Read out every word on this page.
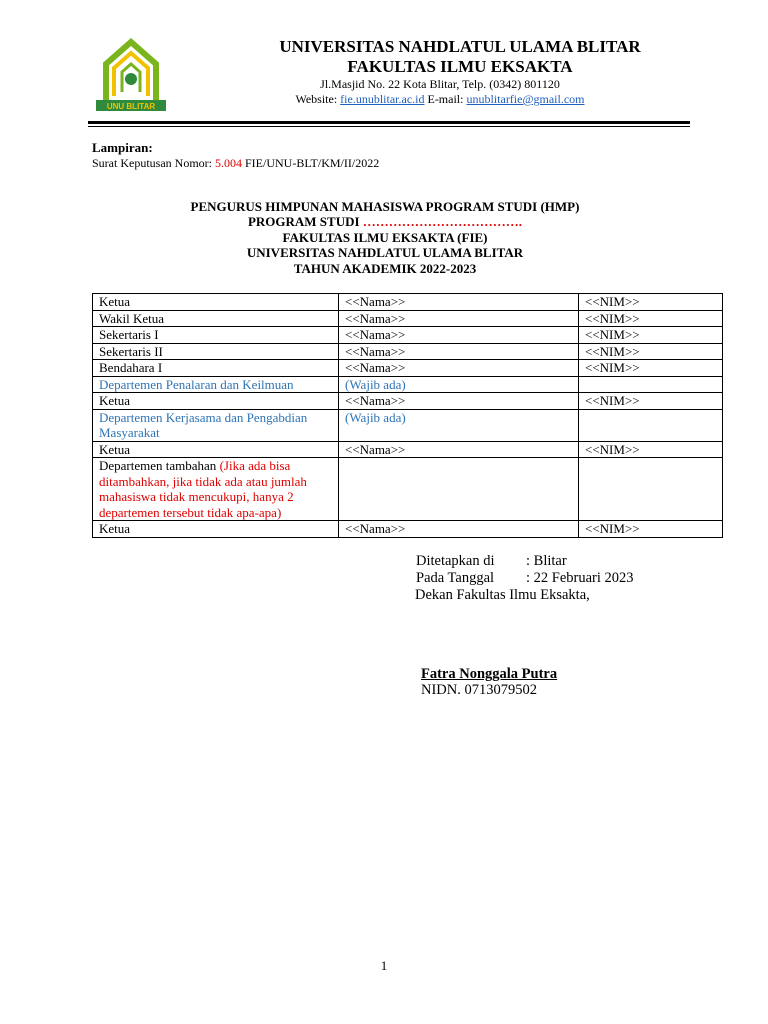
UNU BLITAR
UNIVERSITAS NAHDLATUL ULAMA BLITAR
FAKULTAS ILMU EKSAKTA
Jl.Masjid No. 22 Kota Blitar, Telp. (0342) 801120
Website: fie.unublitar.ac.id E-mail: unublitarfie@gmail.com
Lampiran:
Surat Keputusan Nomor: 5.004 FIE/UNU-BLT/KM/II/2022
PENGURUS HIMPUNAN MAHASISWA PROGRAM STUDI (HMP)
PROGRAM STUDI ……………………………….
FAKULTAS ILMU EKSAKTA (FIE)
UNIVERSITAS NAHDLATUL ULAMA BLITAR
TAHUN AKADEMIK 2022-2023
Ketua	<<Nama>>	<<NIM>>
Wakil Ketua	<<Nama>>	<<NIM>>
Sekertaris I	<<Nama>>	<<NIM>>
Sekertaris II	<<Nama>>	<<NIM>>
Bendahara I	<<Nama>>	<<NIM>>
Departemen Penalaran dan Keilmuan	(Wajib ada)	
Ketua	<<Nama>>	<<NIM>>
Departemen Kerjasama dan Pengabdian Masyarakat	(Wajib ada)	
Ketua	<<Nama>>	<<NIM>>
Departemen tambahan (Jika ada bisa ditambahkan, jika tidak ada atau jumlah mahasiswa tidak mencukupi, hanya 2 departemen tersebut tidak apa-apa)		
Ketua	<<Nama>>	<<NIM>>
Ditetapkan di : Blitar
Pada Tanggal : 22 Februari 2023
Dekan Fakultas Ilmu Eksakta,
Fatra Nonggala Putra
NIDN. 0713079502
1
